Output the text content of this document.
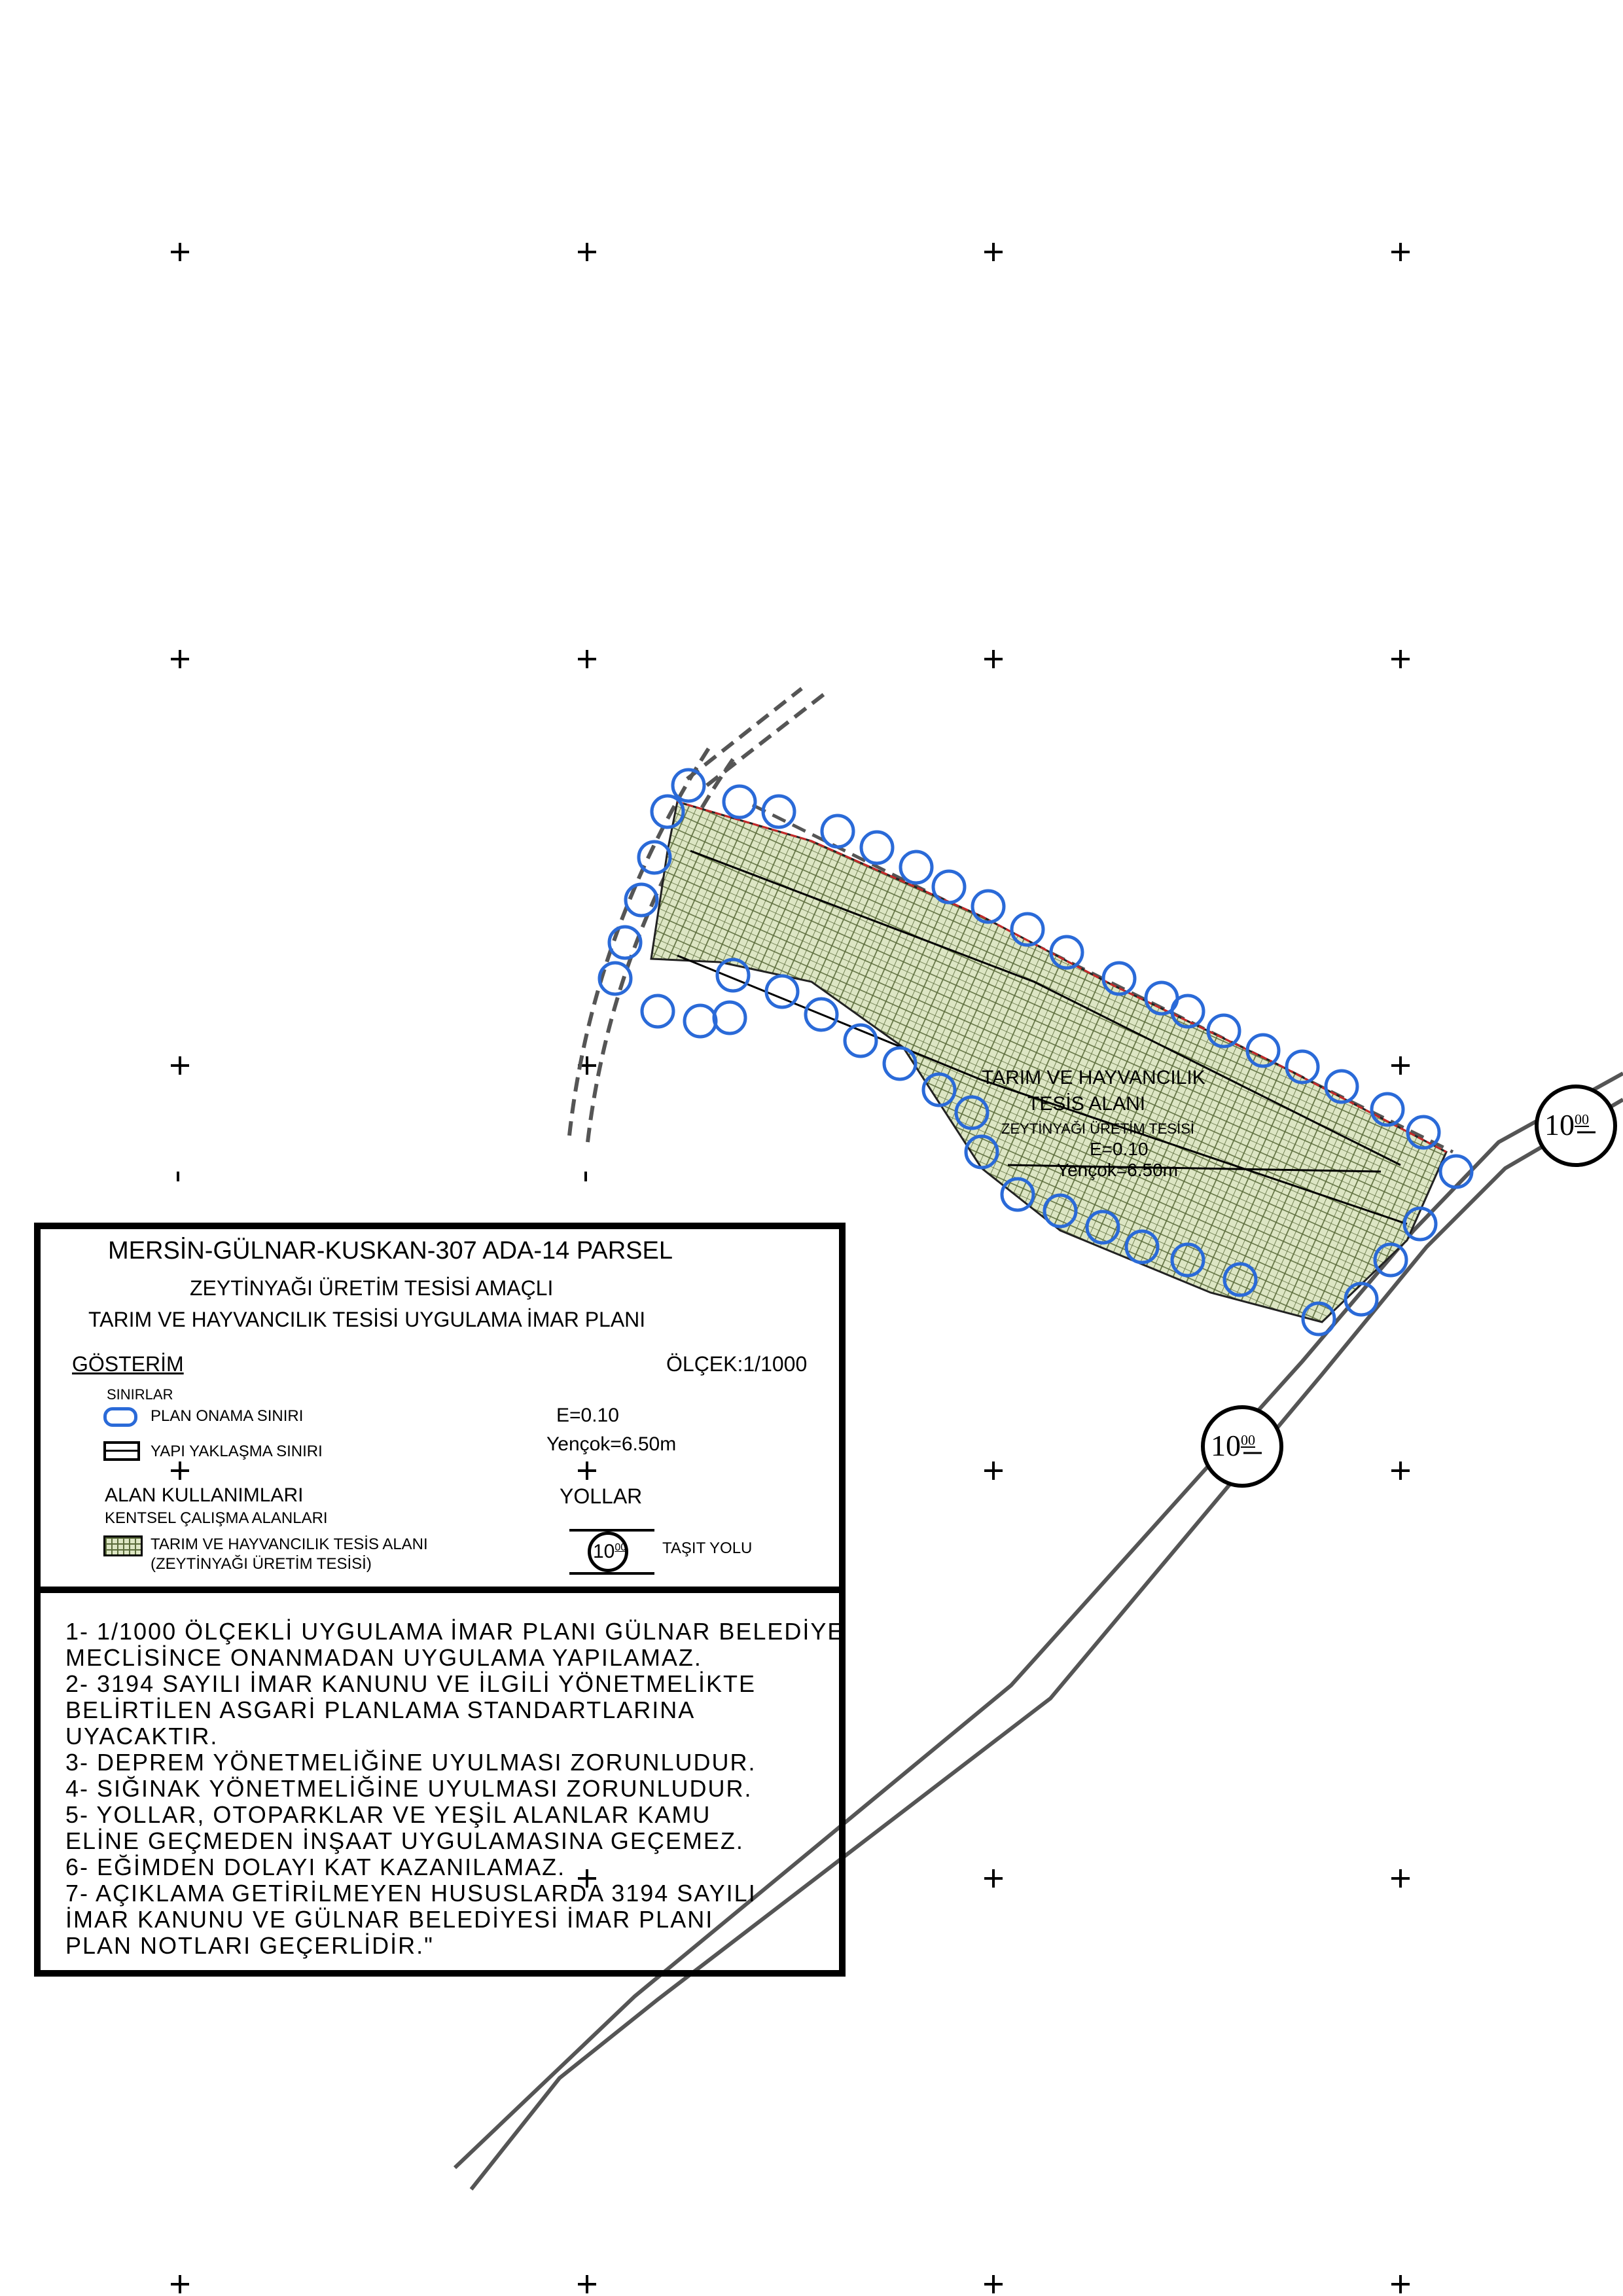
TARIM VE HAYVANCILIK
TESİS ALANI
ZEYTİNYAĞI ÜRETİM TESİSİ
E=0.10
Yençok=6.50m
$10^{00}$
$10^{00}$
MERSİN-GÜLNAR-KUSKAN-307 ADA-14 PARSEL
ZEYTİNYAĞI ÜRETİM TESİSİ AMAÇLI
TARIM VE HAYVANCILIK TESİSİ UYGULAMA İMAR PLANI
GÖSTERİM	ÖLÇEK:1/1000
SINIRLAR
PLAN ONAMA SINIRI
YAPI YAKLAŞMA SINIRI
E=0.10
Yençok=6.50m
ALAN KULLANIMLARI
KENTSEL ÇALIŞMA ALANLARI
TARIM VE HAYVANCILIK TESİS ALANI
(ZEYTİNYAĞI ÜRETİM TESİSİ)
YOLLAR
$10^{00}$ TAŞIT YOLU
1- 1/1000 ÖLÇEKLİ UYGULAMA İMAR PLANI GÜLNAR BELEDİYE
MECLİSİNCE ONANMADAN UYGULAMA YAPILAMAZ.
2- 3194 SAYILI İMAR KANUNU VE İLGİLİ YÖNETMELİKTE
BELİRTİLEN ASGARİ PLANLAMA STANDARTLARINA
UYACAKTIR.
3- DEPREM YÖNETMELİĞİNE UYULMASI ZORUNLUDUR.
4- SIĞINAK YÖNETMELİĞİNE UYULMASI ZORUNLUDUR.
5- YOLLAR, OTOPARKLAR VE YEŞİL ALANLAR KAMU
ELİNE GEÇMEDEN İNŞAAT UYGULAMASINA GEÇEMEZ.
6- EĞİMDEN DOLAYI KAT KAZANILAMAZ.
7- AÇIKLAMA GETİRİLMEYEN HUSUSLARDA 3194 SAYILI
İMAR KANUNU VE GÜLNAR BELEDİYESİ İMAR PLANI
PLAN NOTLARI GEÇERLİDİR."
